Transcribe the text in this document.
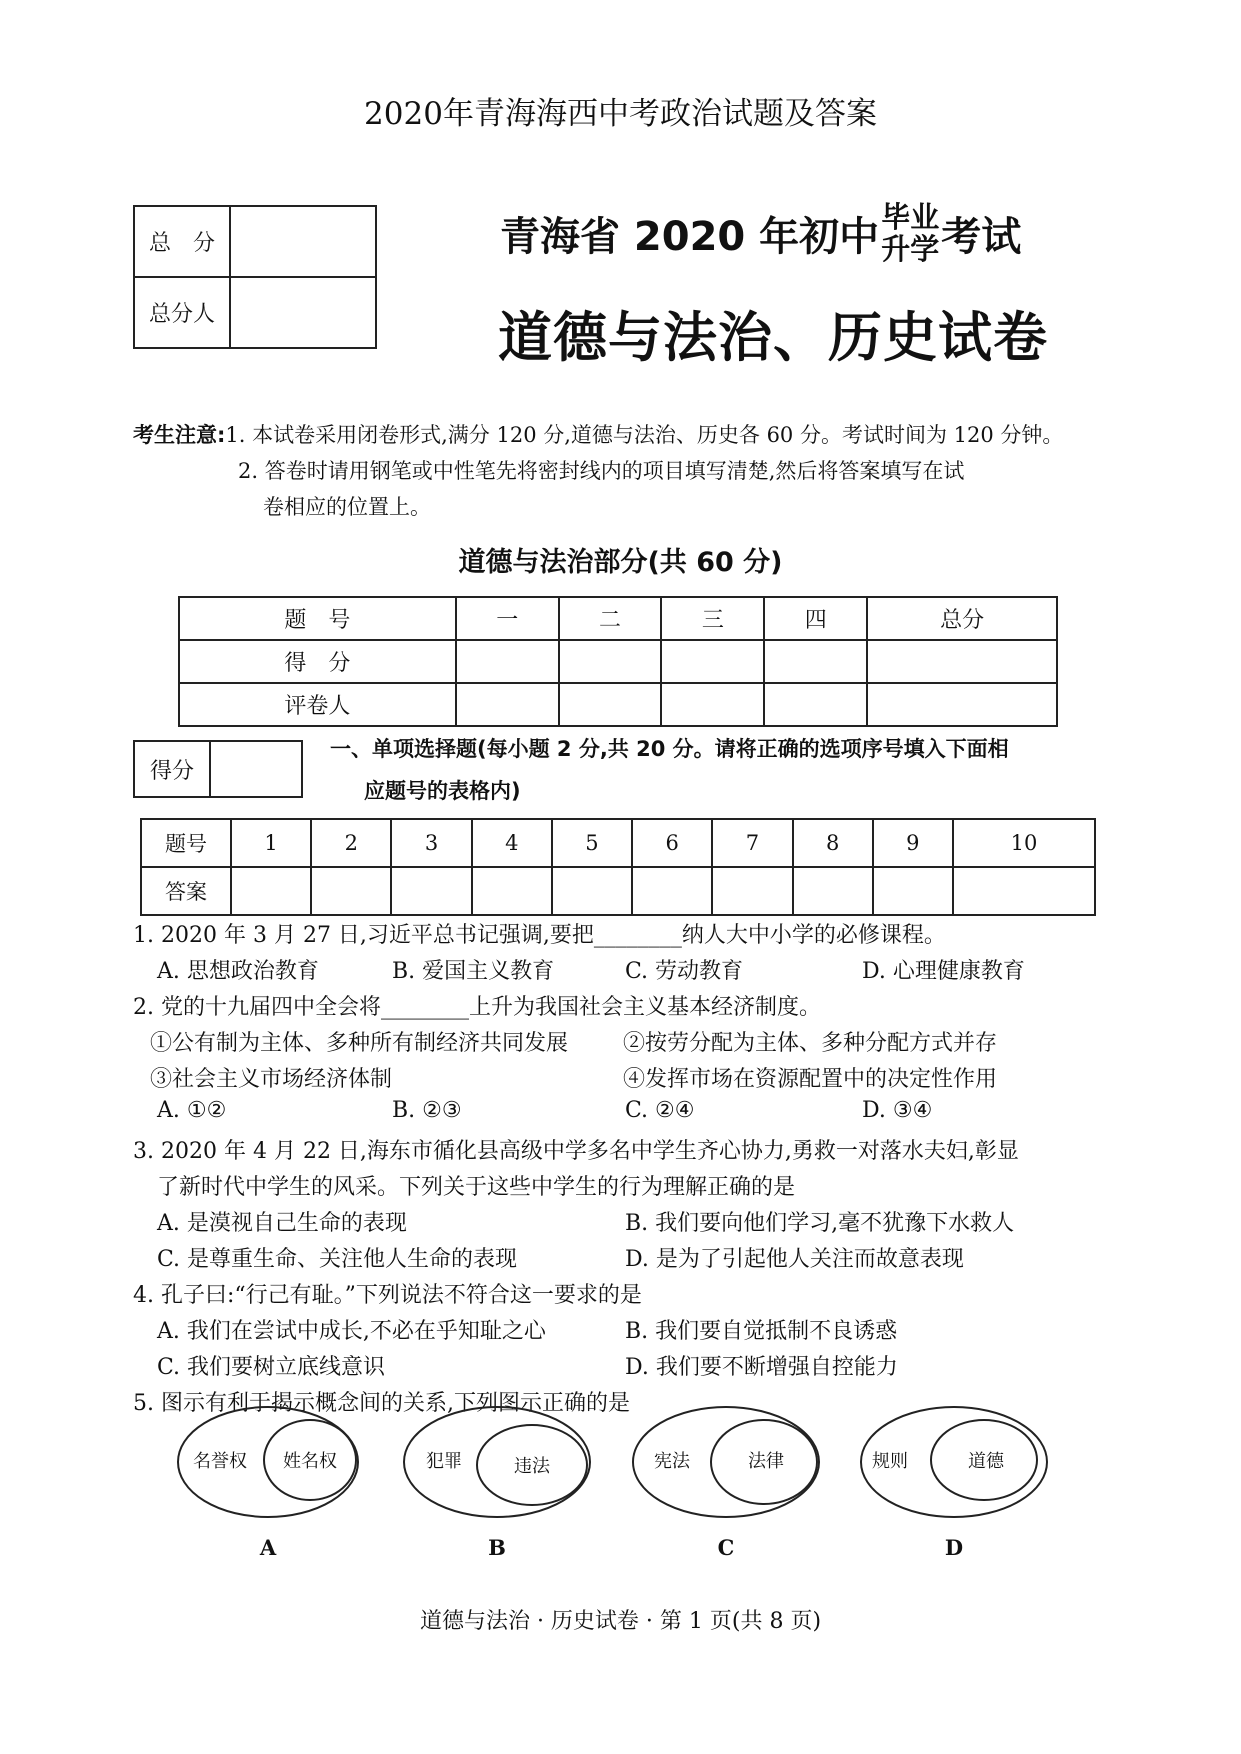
2020年青海海西中考政治试题及答案
总　分	
总分人	
青海省 2020 年初中毕业
升学考试
道德与法治、历史试卷
考生注意:1. 本试卷采用闭卷形式,满分 120 分,道德与法治、历史各 60 分。考试时间为 120 分钟。
2. 答卷时请用钢笔或中性笔先将密封线内的项目填写清楚,然后将答案填写在试
卷相应的位置上。
道德与法治部分(共 60 分)
题　号	一	二	三	四	总分
得　分					
评卷人					
得分	
一、单项选择题(每小题 2 分,共 20 分。请将正确的选项序号填入下面相
应题号的表格内)
题号	1	2	3	4	5	6	7	8	9	10
答案										
1. 2020 年 3 月 27 日,习近平总书记强调,要把________纳人大中小学的必修课程。
A. 思想政治教育	B. 爱国主义教育	C. 劳动教育	D. 心理健康教育
2. 党的十九届四中全会将________上升为我国社会主义基本经济制度。
①公有制为主体、多种所有制经济共同发展 ②按劳分配为主体、多种分配方式并存
③社会主义市场经济体制	④发挥市场在资源配置中的决定性作用
A. ①②	B. ②③	C. ②④	D. ③④
3. 2020 年 4 月 22 日,海东市循化县高级中学多名中学生齐心协力,勇救一对落水夫妇,彰显
了新时代中学生的风采。下列关于这些中学生的行为理解正确的是
A. 是漠视自己生命的表现	B. 我们要向他们学习,毫不犹豫下水救人
C. 是尊重生命、关注他人生命的表现	D. 是为了引起他人关注而故意表现
4. 孔子曰:“行己有耻。”下列说法不符合这一要求的是
A. 我们在尝试中成长,不必在乎知耻之心	B. 我们要自觉抵制不良诱惑
C. 我们要树立底线意识	D. 我们要不断增强自控能力
5. 图示有利于揭示概念间的关系,下列图示正确的是
名誉权 姓名权
A
犯罪	违法
B
宪法	法律
C
规则	道德
D
道德与法治 · 历史试卷 · 第 1 页(共 8 页)
